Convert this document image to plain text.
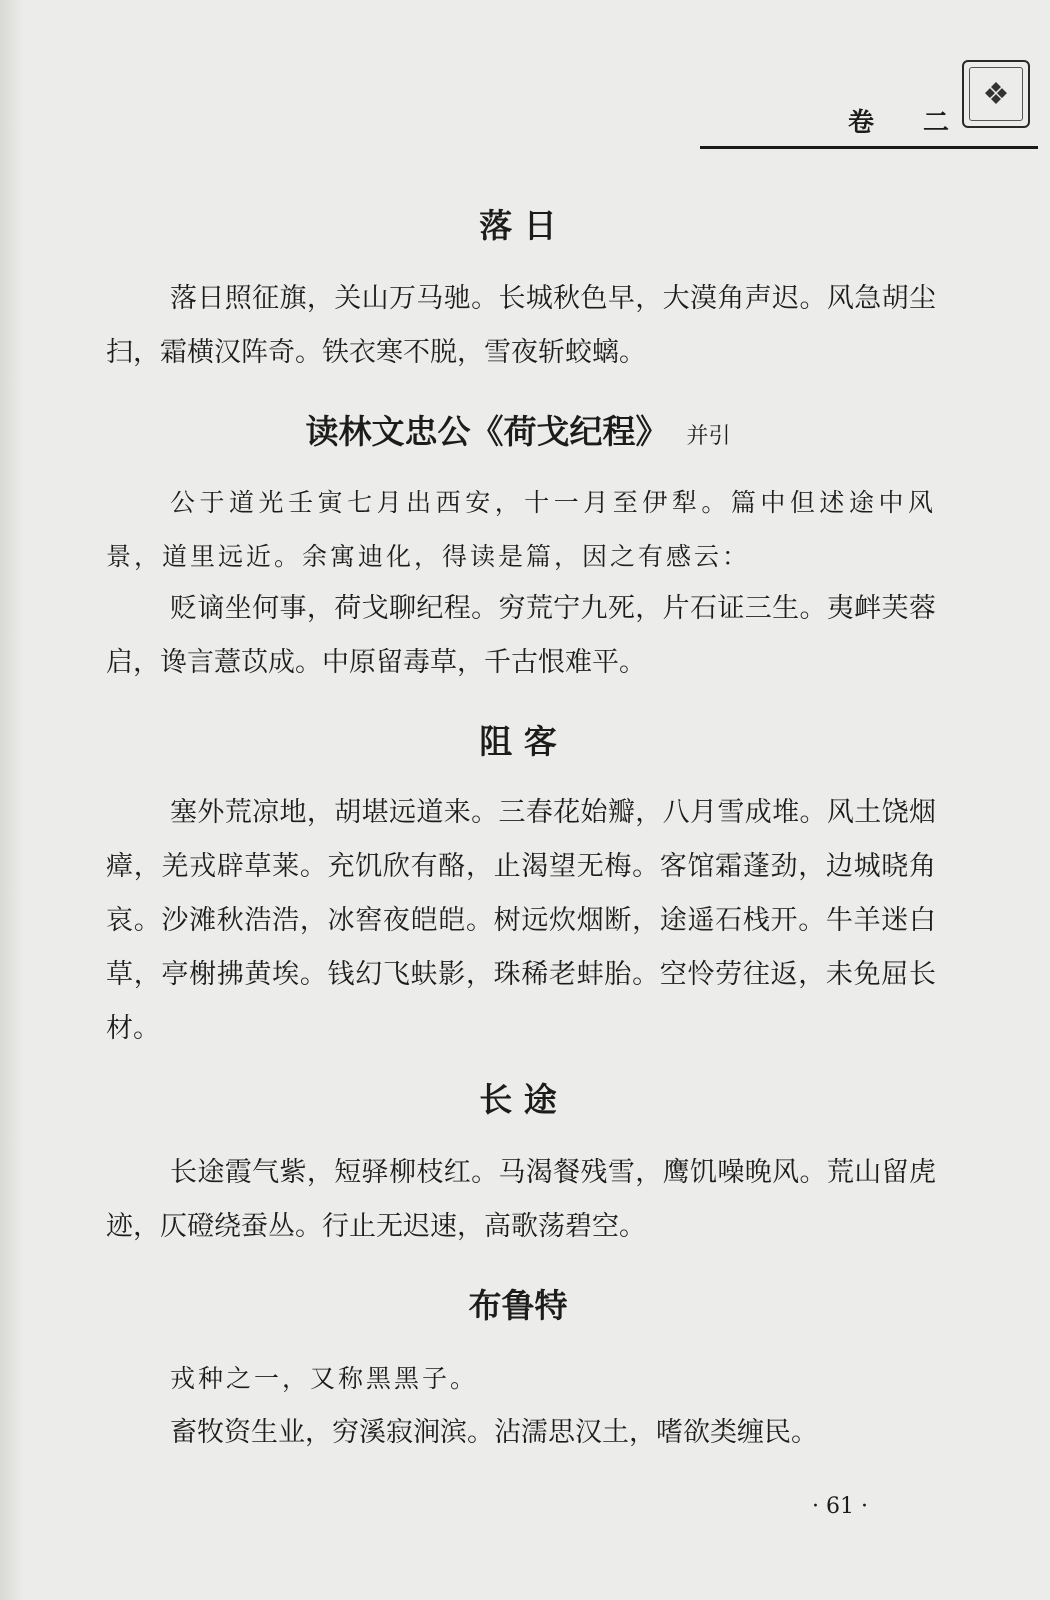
卷 二
❖
落 日
落日照征旗，关山万马驰。长城秋色早，大漠角声迟。风急胡尘扫，霜横汉阵奇。铁衣寒不脱，雪夜斩蛟螭。
读林文忠公《荷戈纪程》 并引
公于道光壬寅七月出西安，十一月至伊犁。篇中但述途中风景，道里远近。余寓迪化，得读是篇，因之有感云：
贬谪坐何事，荷戈聊纪程。穷荒宁九死，片石证三生。夷衅芙蓉启，谗言薏苡成。中原留毒草，千古恨难平。
阻 客
塞外荒凉地，胡堪远道来。三春花始瓣，八月雪成堆。风土饶烟瘴，羌戎辟草莱。充饥欣有酪，止渴望无梅。客馆霜蓬劲，边城晓角哀。沙滩秋浩浩，冰窖夜皑皑。树远炊烟断，途遥石栈开。牛羊迷白草，亭榭拂黄埃。钱幻飞蚨影，珠稀老蚌胎。空怜劳往返，未免屈长材。
长 途
长途霞气紫，短驿柳枝红。马渴餐残雪，鹰饥噪晚风。荒山留虎迹，仄磴绕蚕丛。行止无迟速，高歌荡碧空。
布鲁特
戎种之一，又称黑黑子。
畜牧资生业，穷溪寂涧滨。沾濡思汉土，嗜欲类缠民。
· 61 ·
